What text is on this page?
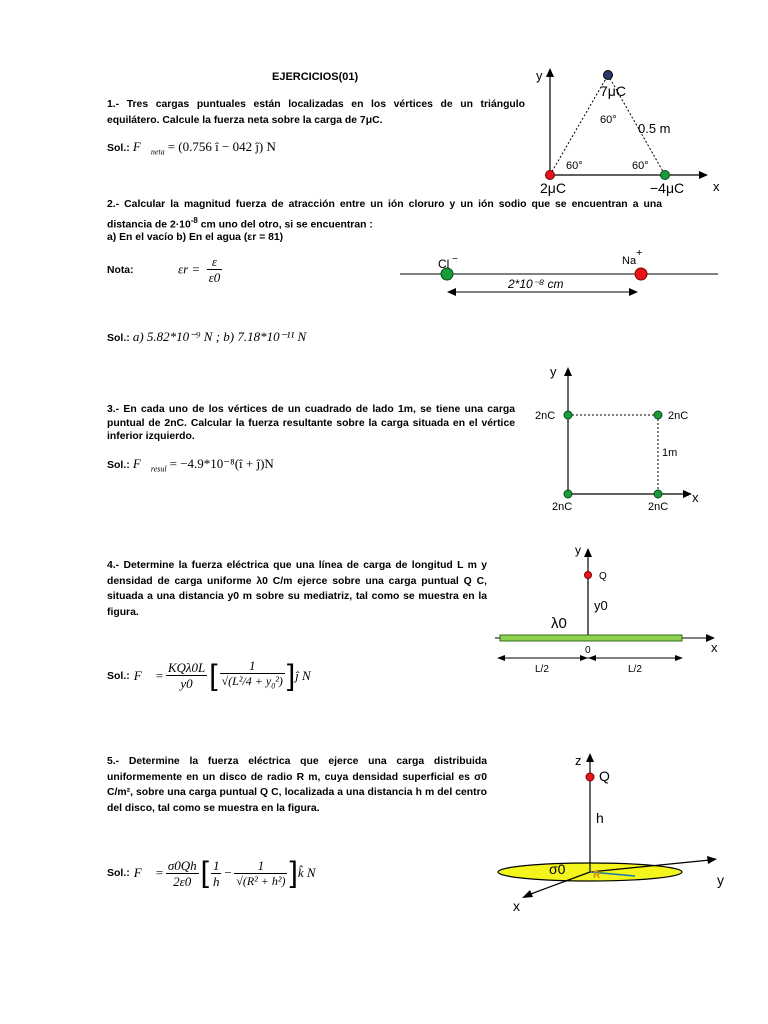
EJERCICIOS(01)
1.- Tres cargas puntuales están localizadas en los vértices de un triángulo equilátero. Calcule la fuerza neta sobre la carga de 7μC.
Sol.: $F⃗_{neta} = (0.756$ î − 042 ĵ) N
y
x
7μC
2μC	−4μC
60°
60°	60°
0.5 m
2.- Calcular la magnitud fuerza de atracción entre un ión cloruro y un ión sodio que se encuentran a una distancia de $2\cdot 10^{-8}$ cm uno del otro, si se encuentran :
a) En el vacío b) En el agua (εr = 81)
Nota:	$\varepsilon r = \frac{\varepsilon}{\varepsilon 0}$	Cl −	Na
+
2*10⁻⁸ cm
Sol.: a) 5.82*10⁻⁹ N ; b) 7.18*10⁻¹¹ N
3.- En cada uno de los vértices de un cuadrado de lado 1m, se tiene una carga puntual de 2nC. Calcular la fuerza resultante sobre la carga situada en el vértice inferior izquierdo.
Sol.: $F⃗_{resul}$ = −4.9*10⁻⁸(î + ĵ)N
y
x
2nC	2nC
2nC	2nC
1m
4.- Determine la fuerza eléctrica que una línea de carga de longitud L m y densidad de carga uniforme λ0 C/m ejerce sobre una carga puntual Q C, situada a una distancia y0 m sobre su mediatriz, tal como se muestra en la figura.
Sol.: F⃗ = $\frac{\text{KQλ0L}}{y0}$ [ $\frac{1}{√(L^2/4 + y_0^2)}$ ] ĵ N
y
x
Q
y0
λ0
0
L/2	L/2
5.- Determine la fuerza eléctrica que ejerce una carga distribuida uniformemente en un disco de radio R m, cuya densidad superficial es σ0 C/m², sobre una carga puntual Q C, localizada a una distancia h m del centro del disco, tal como se muestra en la figura.
Sol.: F⃗ = $\frac{\sigma 0Qh}{2\varepsilon 0}$ [ $\frac{1}{h} - \frac{1}{\text{√(R² + h²)}}$ ] k̂ N
z
Q
h
σ0	R	y
x
